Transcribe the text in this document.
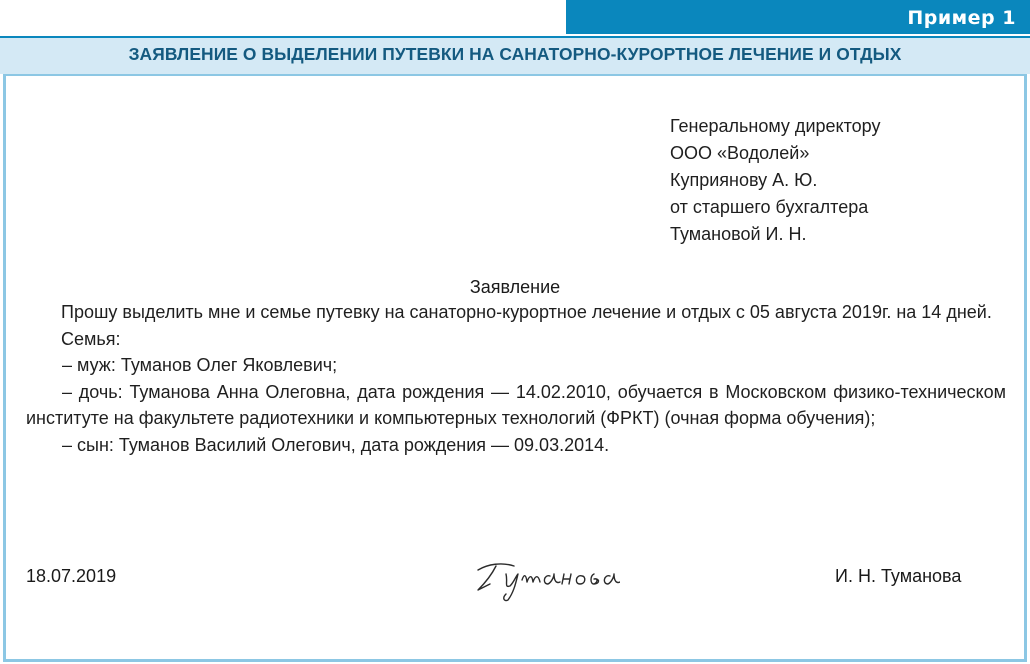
Пример 1
ЗАЯВЛЕНИЕ О ВЫДЕЛЕНИИ ПУТЕВКИ НА САНАТОРНО-КУРОРТНОЕ ЛЕЧЕНИЕ И ОТДЫХ
Генеральному директору
ООО «Водолей»
Куприянову А. Ю.
от старшего бухгалтера
Тумановой И. Н.
Заявление

Прошу выделить мне и семье путевку на санаторно-курортное лечение и отдых с 05 августа 2019г. на 14 дней.

Семья:

– муж: Туманов Олег Яковлевич;

– дочь: Туманова Анна Олеговна, дата рождения — 14.02.2010, обучается в Московском физико-техническом институте на факультете радиотехники и компьютерных технологий (ФРКТ) (очная форма обучения);

– сын: Туманов Василий Олегович, дата рождения — 09.03.2014.

18.07.2019	И. Н. Туманова
